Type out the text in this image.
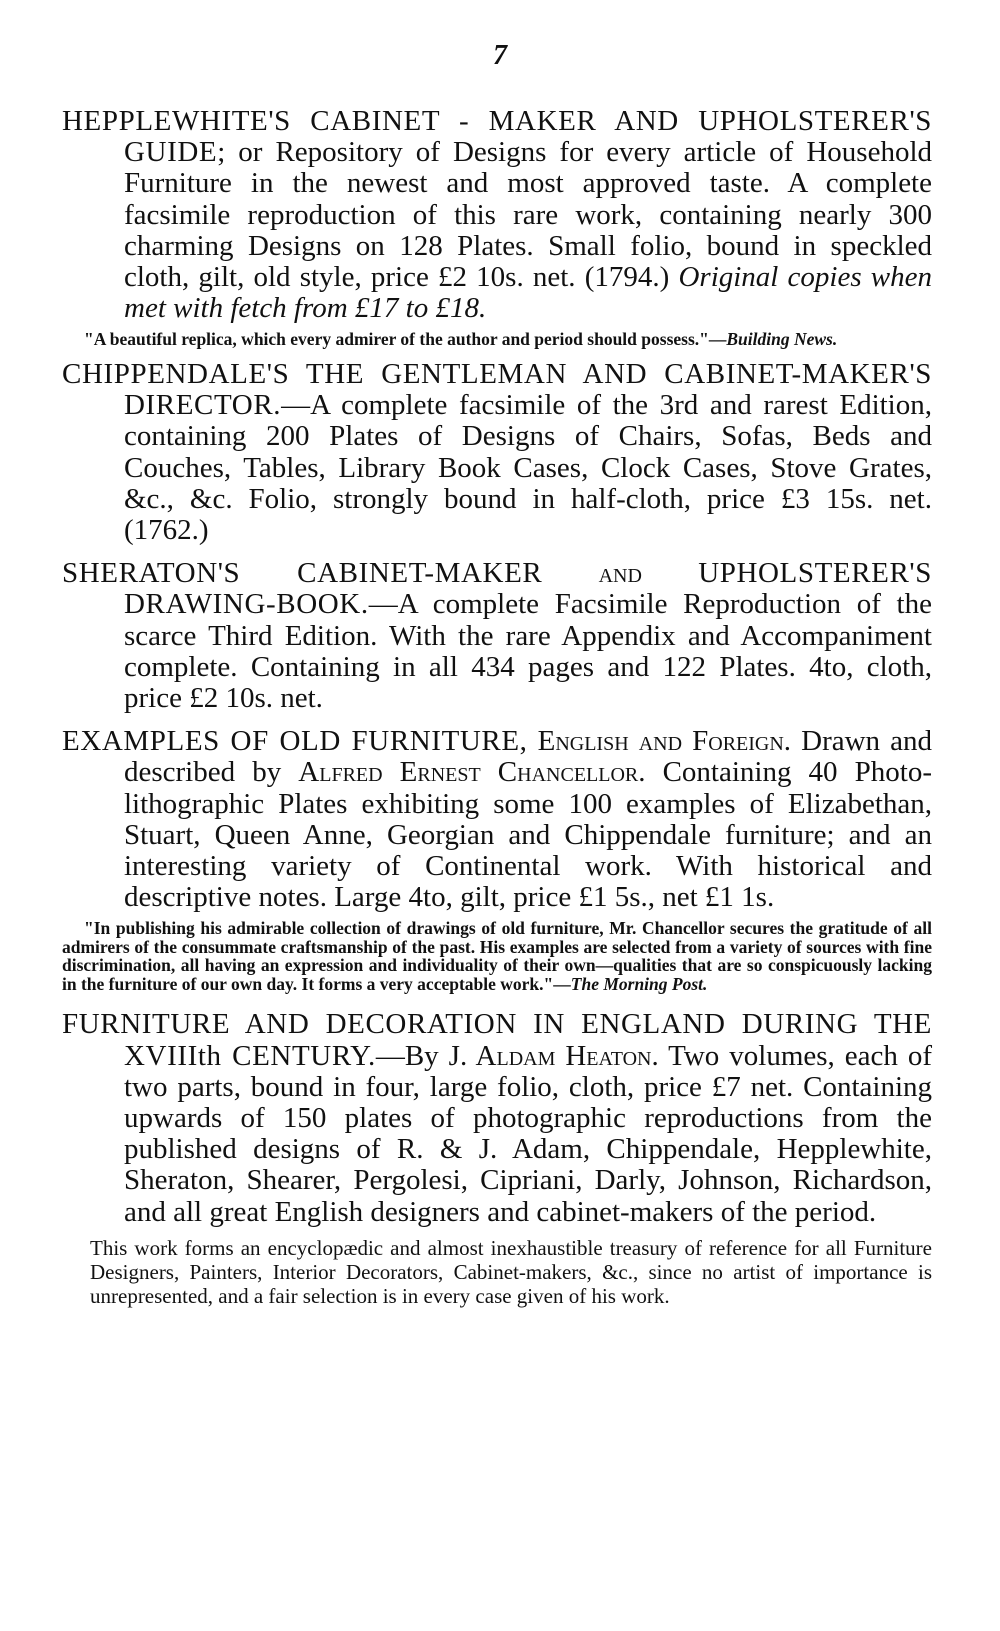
7
HEPPLEWHITE'S CABINET - MAKER AND UPHOLSTERER'S GUIDE; or Repository of Designs for every article of Household Furniture in the newest and most approved taste. A complete facsimile reproduction of this rare work, containing nearly 300 charming Designs on 128 Plates. Small folio, bound in speckled cloth, gilt, old style, price £2 10s. net. (1794.) Original copies when met with fetch from £17 to £18.
"A beautiful replica, which every admirer of the author and period should possess."—Building News.
CHIPPENDALE'S THE GENTLEMAN AND CABINET-MAKER'S DIRECTOR.—A complete facsimile of the 3rd and rarest Edition, containing 200 Plates of Designs of Chairs, Sofas, Beds and Couches, Tables, Library Book Cases, Clock Cases, Stove Grates, &c., &c. Folio, strongly bound in half-cloth, price £3 15s. net. (1762.)
SHERATON'S CABINET-MAKER and UPHOLSTERER'S DRAWING-BOOK.—A complete Facsimile Reproduction of the scarce Third Edition. With the rare Appendix and Accompaniment complete. Containing in all 434 pages and 122 Plates. 4to, cloth, price £2 10s. net.
EXAMPLES OF OLD FURNITURE, English and Foreign. Drawn and described by Alfred Ernest Chancellor. Containing 40 Photo-lithographic Plates exhibiting some 100 examples of Elizabethan, Stuart, Queen Anne, Georgian and Chippendale furniture; and an interesting variety of Continental work. With historical and descriptive notes. Large 4to, gilt, price £1 5s., net £1 1s.
"In publishing his admirable collection of drawings of old furniture, Mr. Chancellor secures the gratitude of all admirers of the consummate craftsmanship of the past. His examples are selected from a variety of sources with fine discrimination, all having an expression and individuality of their own—qualities that are so conspicuously lacking in the furniture of our own day. It forms a very acceptable work."—The Morning Post.
FURNITURE AND DECORATION IN ENGLAND DURING THE XVIIIth CENTURY.—By J. Aldam Heaton. Two volumes, each of two parts, bound in four, large folio, cloth, price £7 net. Containing upwards of 150 plates of photographic reproductions from the published designs of R. & J. Adam, Chippendale, Hepplewhite, Sheraton, Shearer, Pergolesi, Cipriani, Darly, Johnson, Richardson, and all great English designers and cabinet-makers of the period.
This work forms an encyclopædic and almost inexhaustible treasury of reference for all Furniture Designers, Painters, Interior Decorators, Cabinet-makers, &c., since no artist of importance is unrepresented, and a fair selection is in every case given of his work.
